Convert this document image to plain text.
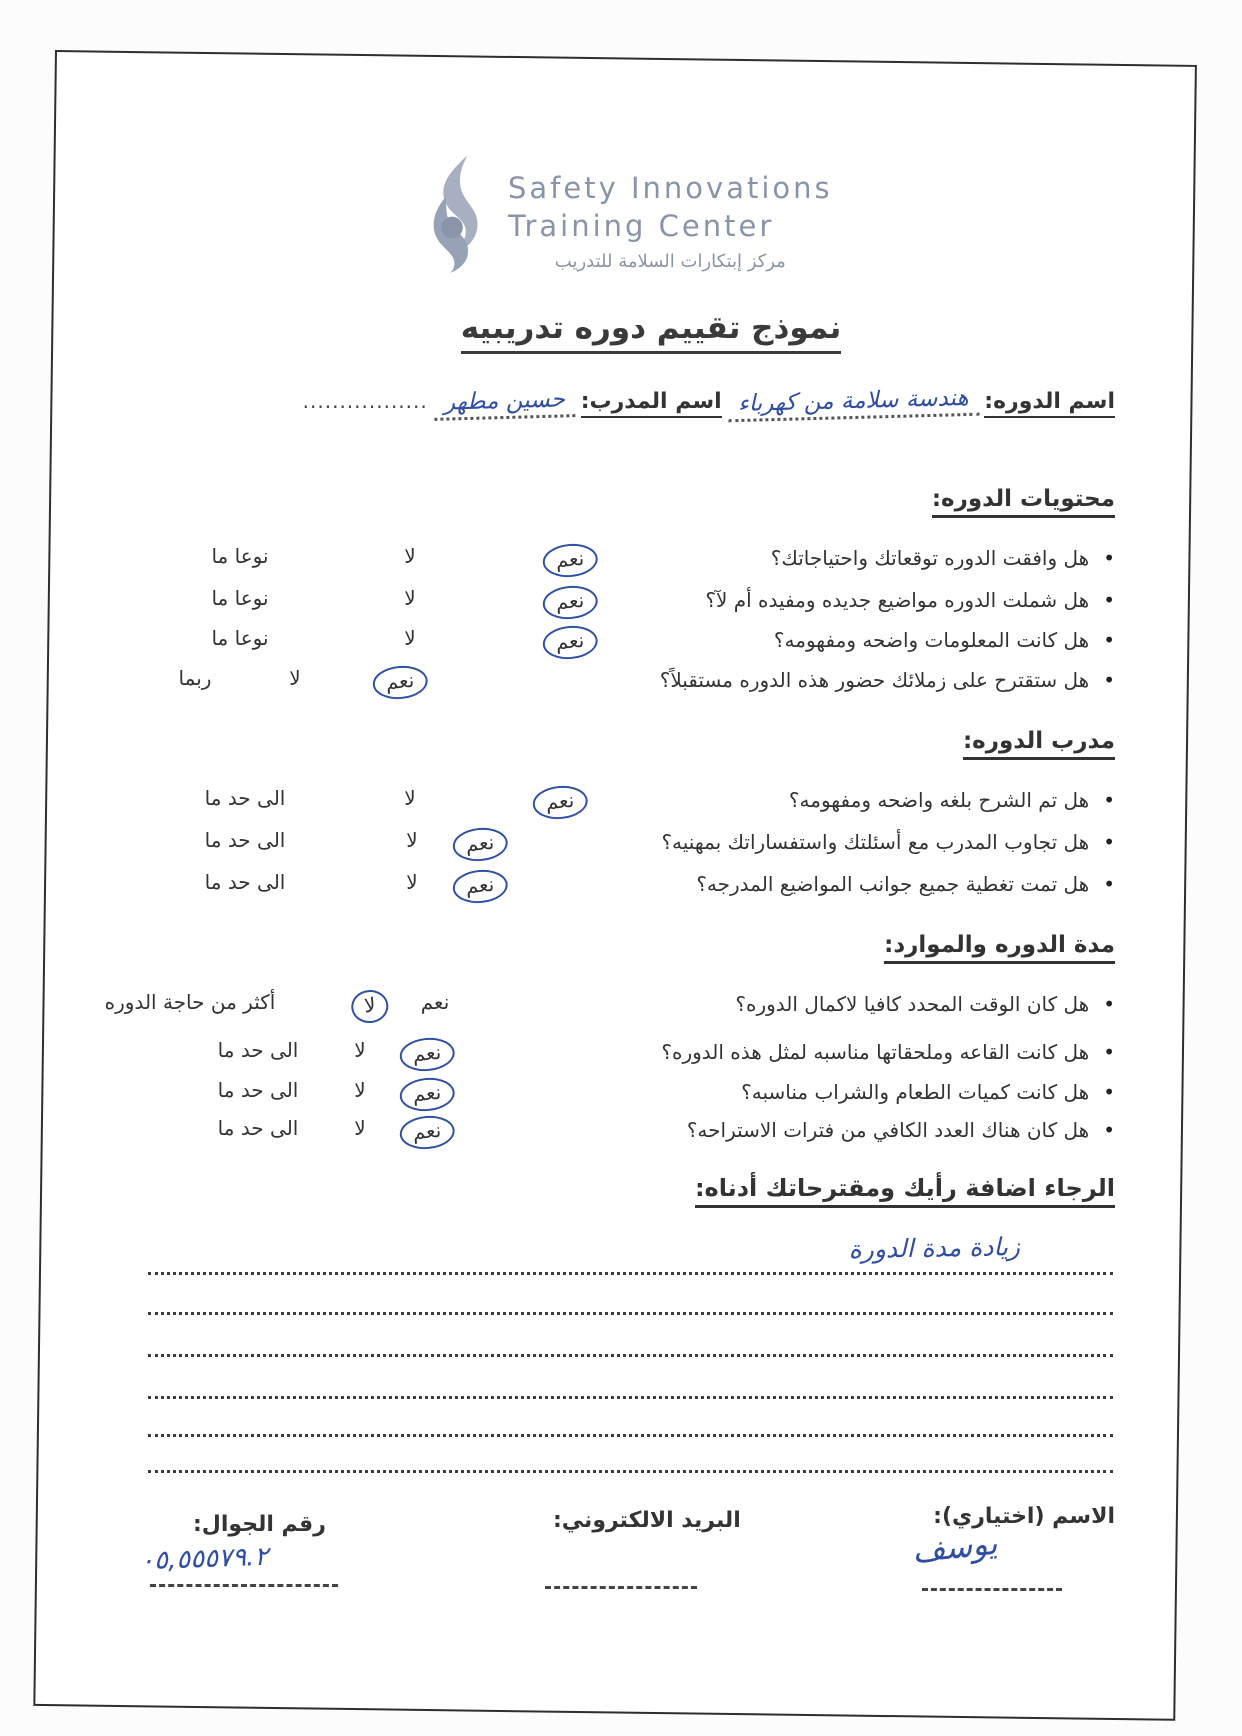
Safety Innovations
Training Center
مركز إبتكارات السلامة للتدريب
نموذج تقييم دوره تدريبيه
اسم الدوره:
هندسة سلامة من كهرباء
اسم المدرب:
حسين مطهر
.................
محتويات الدوره:
• هل وافقت الدوره توقعاتك واحتياجاتك؟
نعم
لا
نوعا ما
• هل شملت الدوره مواضيع جديده ومفيده أم لآ؟
نعم
لا
نوعا ما
• هل كانت المعلومات واضحه ومفهومه؟
نعم
لا
نوعا ما
• هل ستقترح على زملائك حضور هذه الدوره مستقبلاً؟
نعم
لا
ربما
مدرب الدوره:
• هل تم الشرح بلغه واضحه ومفهومه؟
نعم
لا
الى حد ما
• هل تجاوب المدرب مع أسئلتك واستفساراتك بمهنيه؟
نعم
لا
الى حد ما
• هل تمت تغطية جميع جوانب المواضيع المدرجه؟
نعم
لا
الى حد ما
مدة الدوره والموارد:
• هل كان الوقت المحدد كافيا لاكمال الدوره؟
نعم
لا
أكثر من حاجة الدوره
• هل كانت القاعه وملحقاتها مناسبه لمثل هذه الدوره؟
نعم
لا
الى حد ما
• هل كانت كميات الطعام والشراب مناسبه؟
نعم
لا
الى حد ما
• هل كان هناك العدد الكافي من فترات الاستراحه؟
نعم
لا
الى حد ما
الرجاء اضافة رأيك ومقترحاتك أدناه:
زيادة مدة الدورة
الاسم (اختياري):
البريد الالكتروني:
رقم الجوال:	يوسف
٠٥,٥٥٥٧٩.٢
